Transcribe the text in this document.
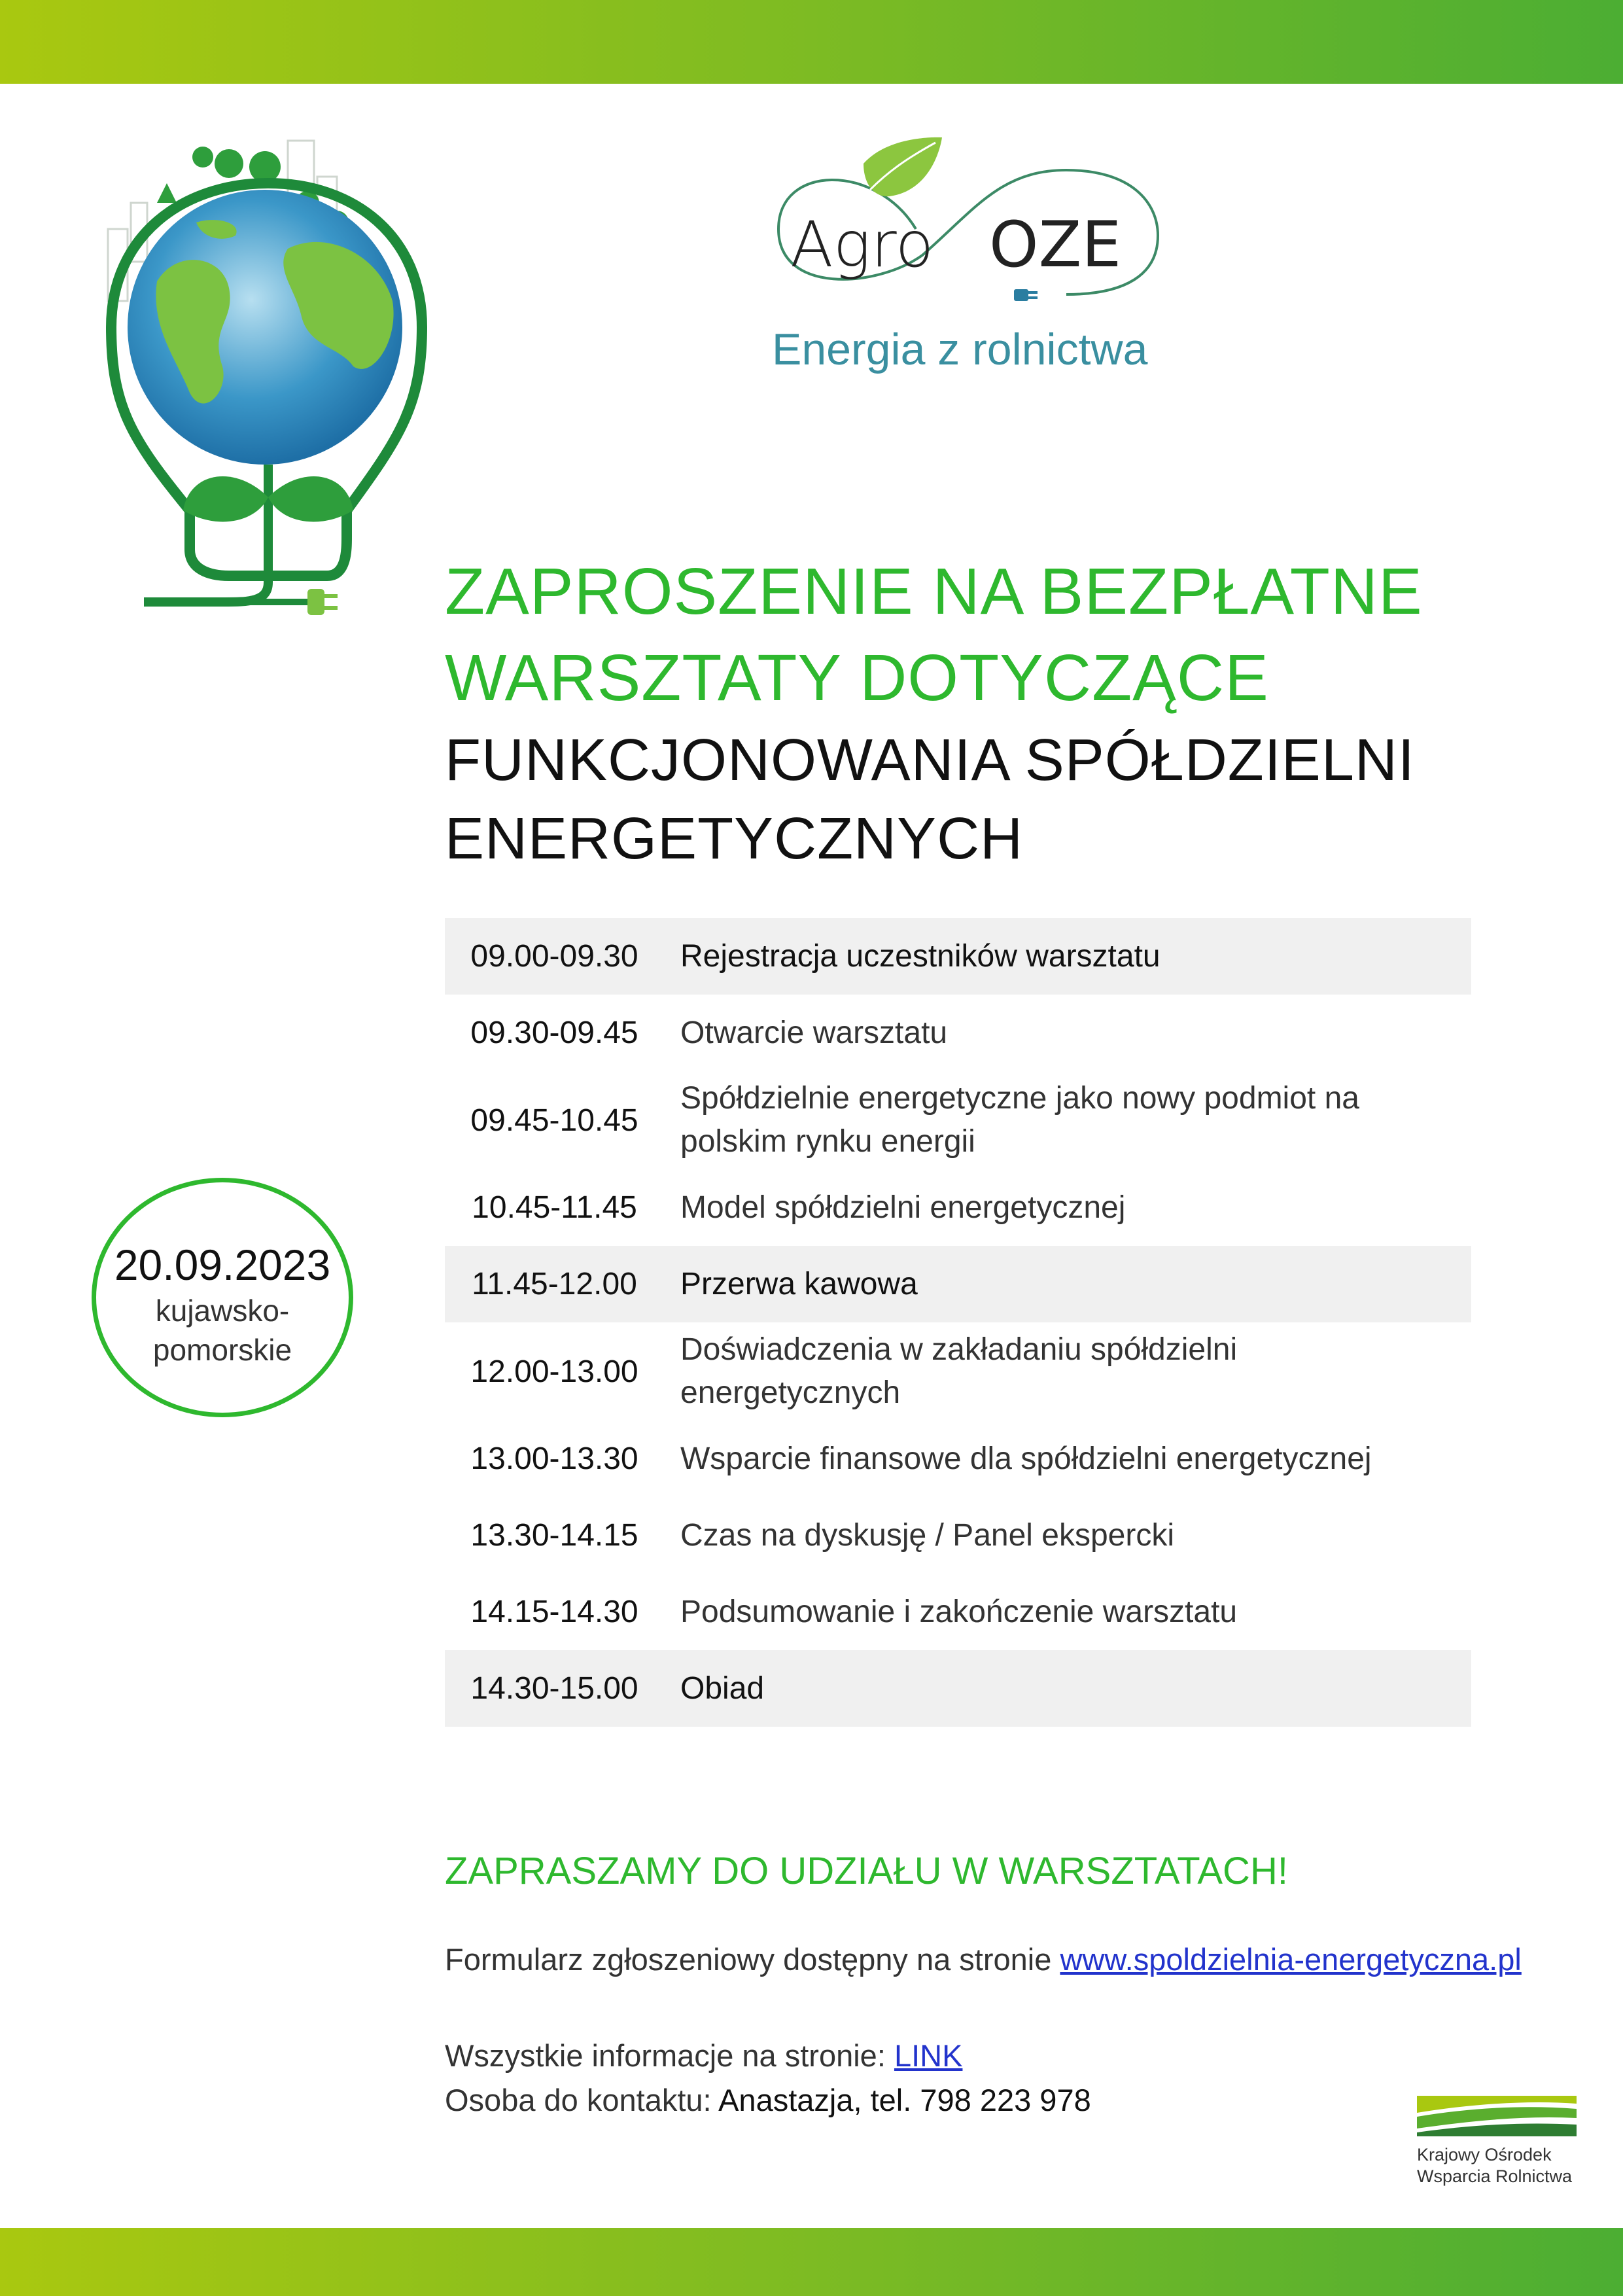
Agro OZE
Energia z rolnictwa
ZAPROSZENIE NA BEZPŁATNE
WARSZTATY DOTYCZĄCE
FUNKCJONOWANIA SPÓŁDZIELNI
ENERGETYCZNYCH
20.09.2023
kujawsko-
pomorskie
09.00-09.30	Rejestracja uczestników warsztatu
09.30-09.45	Otwarcie warsztatu
09.45-10.45	Spółdzielnie energetyczne jako nowy podmiot na
polskim rynku energii

10.45-11.45	Model spółdzielni energetycznej
11.45-12.00	Przerwa kawowa
12.00-13.00	Doświadczenia w zakładaniu spółdzielni
energetycznych

13.00-13.30	Wsparcie finansowe dla spółdzielni energetycznej
13.30-14.15	Czas na dyskusję / Panel ekspercki
14.15-14.30	Podsumowanie i zakończenie warsztatu
14.30-15.00	Obiad
ZAPRASZAMY DO UDZIAŁU W WARSZTATACH!
Formularz zgłoszeniowy dostępny na stronie www.spoldzielnia-energetyczna.pl
Wszystkie informacje na stronie: LINK
Osoba do kontaktu: Anastazja, tel. 798 223 978
Krajowy Ośrodek
Wsparcia Rolnictwa
